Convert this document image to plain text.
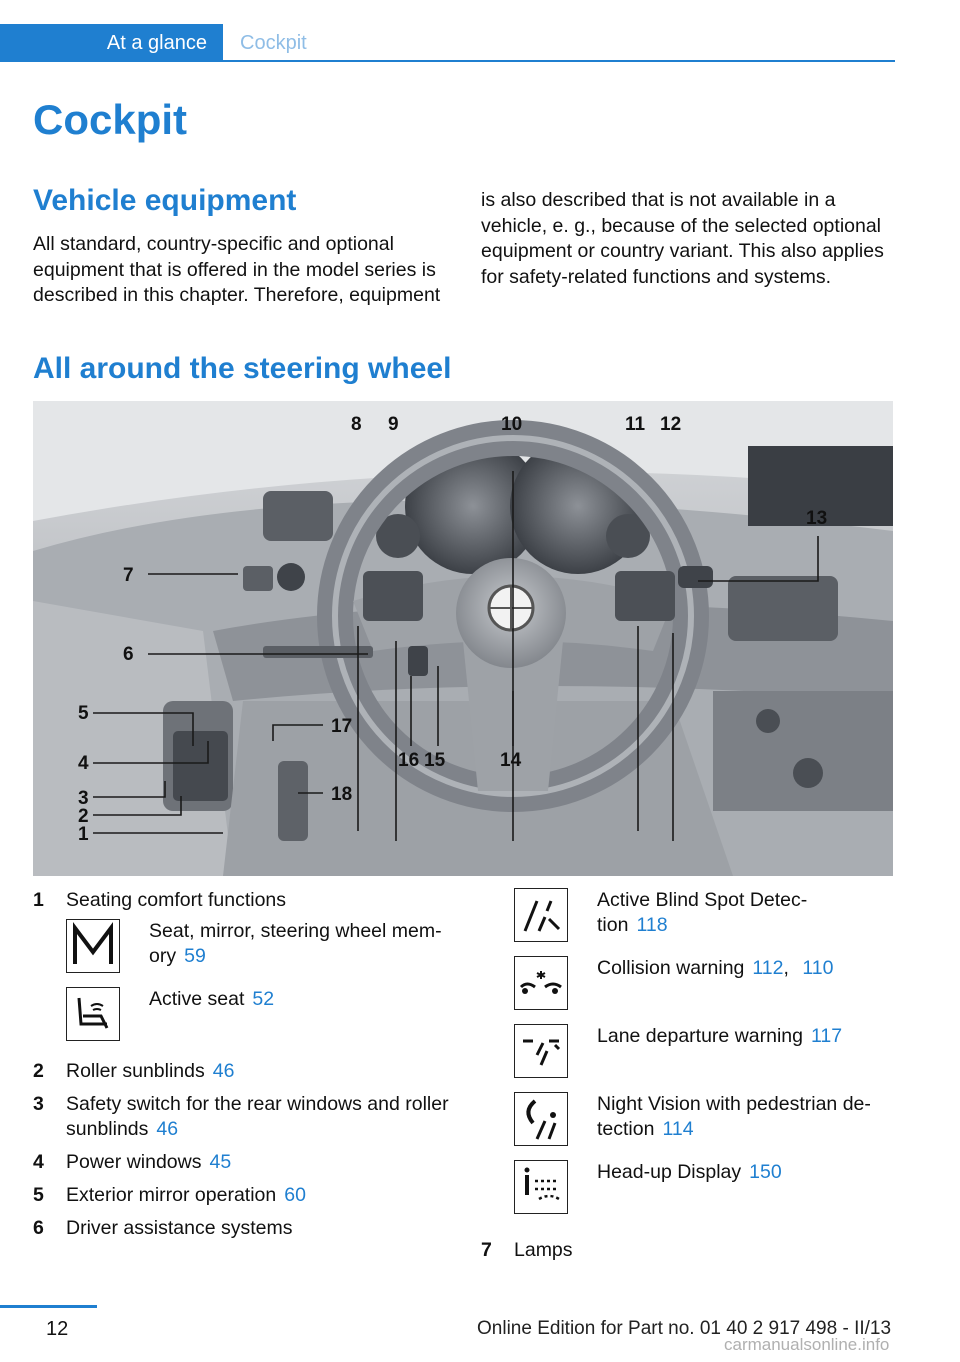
At a glance	Cockpit
Cockpit
Vehicle equipment

All standard, country-specific and optional equipment that is offered in the model series is described in this chapter. Therefore, equipment

is also described that is not available in a vehicle, e. g., because of the selected optional equipment or country variant. This also applies for safety-related functions and systems.

All around the steering wheel
1
2
3
4
5
6
7
8 9	10	11 12
13
14
15
16
17
18
1 Seating comfort functions
Seat, mirror, steering wheel mem-
ory 59
Active seat 52
2 Roller sunblinds 46
3 Safety switch for the rear windows and roller sunblinds 46
4 Power windows 45
5 Exterior mirror operation 60
6 Driver assistance systems
Active Blind Spot Detec-
tion 118
Collision warning 112, 110
Lane departure warning 117
Night Vision with pedestrian de-
tection 114
Head-up Display 150
7 Lamps
12	Online Edition for Part no. 01 40 2 917 498 - II/13
carmanualsonline.info
